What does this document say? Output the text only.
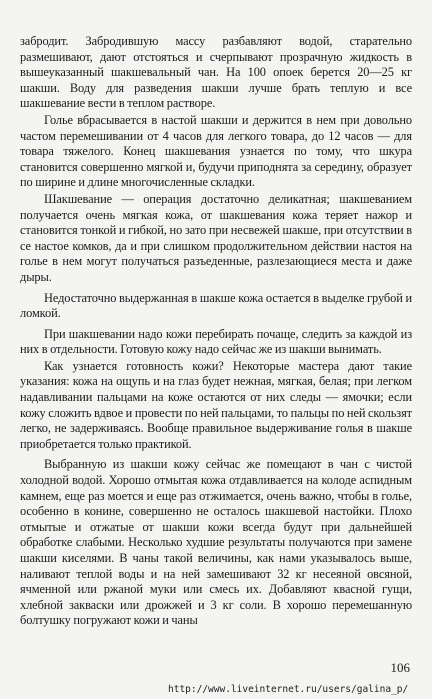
забродит. Забродившую массу разбавляют водой, старательно размешивают, дают отстояться и счерпывают прозрачную жидкость в вышеуказанный шакшевальный чан. На 100 опоек берется 20—25 кг шакши. Воду для разведения шакши лучше брать теплую и все шакшевание вести в теплом растворе.

Голье вбрасывается в настой шакши и держится в нем при довольно частом перемешивании от 4 часов для легкого товара, до 12 часов — для товара тяжелого. Конец шакшевания узнается по тому, что шкура становится совершенно мягкой и, будучи приподнята за середину, образует по ширине и длине многочисленные складки.

Шакшевание — операция достаточно деликатная; шакшеванием получается очень мягкая кожа, от шакшевания кожа теряет нажор и становится тонкой и гибкой, но зато при несвежей шакше, при отсутствии в се настое комков, да и при слишком продолжительном действии настоя на голье в нем могут получаться разъеденные, разлезающиеся места и даже дыры.

Недостаточно выдержанная в шакше кожа остается в выделке грубой и ломкой.

При шакшевании надо кожи перебирать почаще, следить за каждой из них в отдельности. Готовую кожу надо сейчас же из шакши вынимать.

Как узнается готовность кожи? Некоторые мастера дают такие указания: кожа на ощупь и на глаз будет нежная, мягкая, белая; при легком надавливании пальцами на коже остаются от них следы — ямочки; если кожу сложить вдвое и провести по ней пальцами, то пальцы по ней скользят легко, не задерживаясь. Вообще правильное выдерживание голья в шакше приобретается только практикой.

Выбранную из шакши кожу сейчас же помещают в чан с чистой холодной водой. Хорошо отмытая кожа отдавливается на колоде аспидным камнем, еще раз моется и еще раз отжимается, очень важно, чтобы в голье, особенно в конине, совершенно не осталось шакшевой настойки. Плохо отмытые и отжатые от шакши кожи всегда будут при дальнейшей обработке слабыми. Несколько худшие результаты получаются при замене шакши киселями. В чаны такой величины, как нами указывалось выше, наливают теплой воды и на ней замешивают 32 кг несеяной овсяной, ячменной или ржаной муки или смесь их. Добавляют квасной гущи, хлебной закваски или дрожжей и 3 кг соли. В хорошо перемешанную болтушку погружают кожи и чаны

106
http://www.liveinternet.ru/users/galina_p/
